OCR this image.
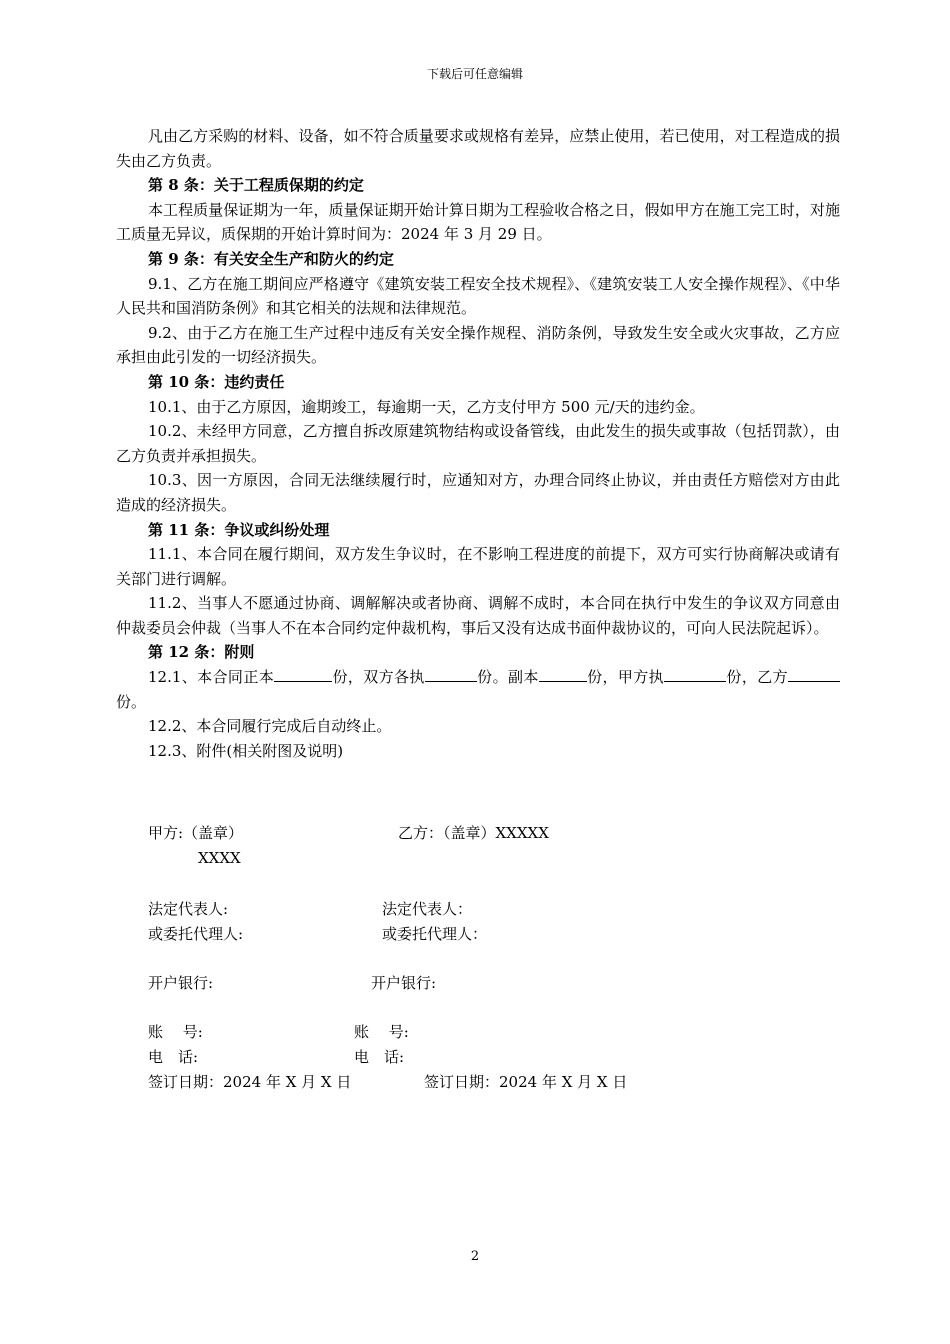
下载后可任意编辑

凡由乙方采购的材料、设备，如不符合质量要求或规格有差异，应禁止使用，若已使用，对工程造成的损失由乙方负责。

第 8 条：关于工程质保期的约定

本工程质量保证期为一年，质量保证期开始计算日期为工程验收合格之日，假如甲方在施工完工时，对施工质量无异议，质保期的开始计算时间为：2024 年 3 月 29 日。

第 9 条：有关安全生产和防火的约定

9.1、乙方在施工期间应严格遵守《建筑安装工程安全技术规程》、《建筑安装工人安全操作规程》、《中华人民共和国消防条例》和其它相关的法规和法律规范。

9.2、由于乙方在施工生产过程中违反有关安全操作规程、消防条例，导致发生安全或火灾事故，乙方应承担由此引发的一切经济损失。

第 10 条：违约责任

10.1、由于乙方原因，逾期竣工，每逾期一天，乙方支付甲方 500 元/天的违约金。

10.2、未经甲方同意，乙方擅自拆改原建筑物结构或设备管线，由此发生的损失或事故（包括罚款），由乙方负责并承担损失。

10.3、因一方原因，合同无法继续履行时，应通知对方，办理合同终止协议，并由责任方赔偿对方由此造成的经济损失。

第 11 条：争议或纠纷处理

11.1、本合同在履行期间，双方发生争议时，在不影响工程进度的前提下，双方可实行协商解决或请有关部门进行调解。

11.2、当事人不愿通过协商、调解解决或者协商、调解不成时，本合同在执行中发生的争议双方同意由仲裁委员会仲裁（当事人不在本合同约定仲裁机构，事后又没有达成书面仲裁协议的，可向人民法院起诉）。

第 12 条：附则

12.1、本合同正本	份，双方各执	份。副本	份，甲方执	份，乙方份。

12.2、本合同履行完成后自动终止。

12.3、附件(相关附图及说明)

甲方:（盖章）	乙方：（盖章）XXXXX
XXXX
法定代表人:	法定代表人：
或委托代理人:	或委托代理人：
开户银行:	开户银行:
账　 号:	账　 号:
电　话:	电　话:
签订日期：2024 年 X 月 X 日	签订日期：2024 年 X 月 X 日
2
